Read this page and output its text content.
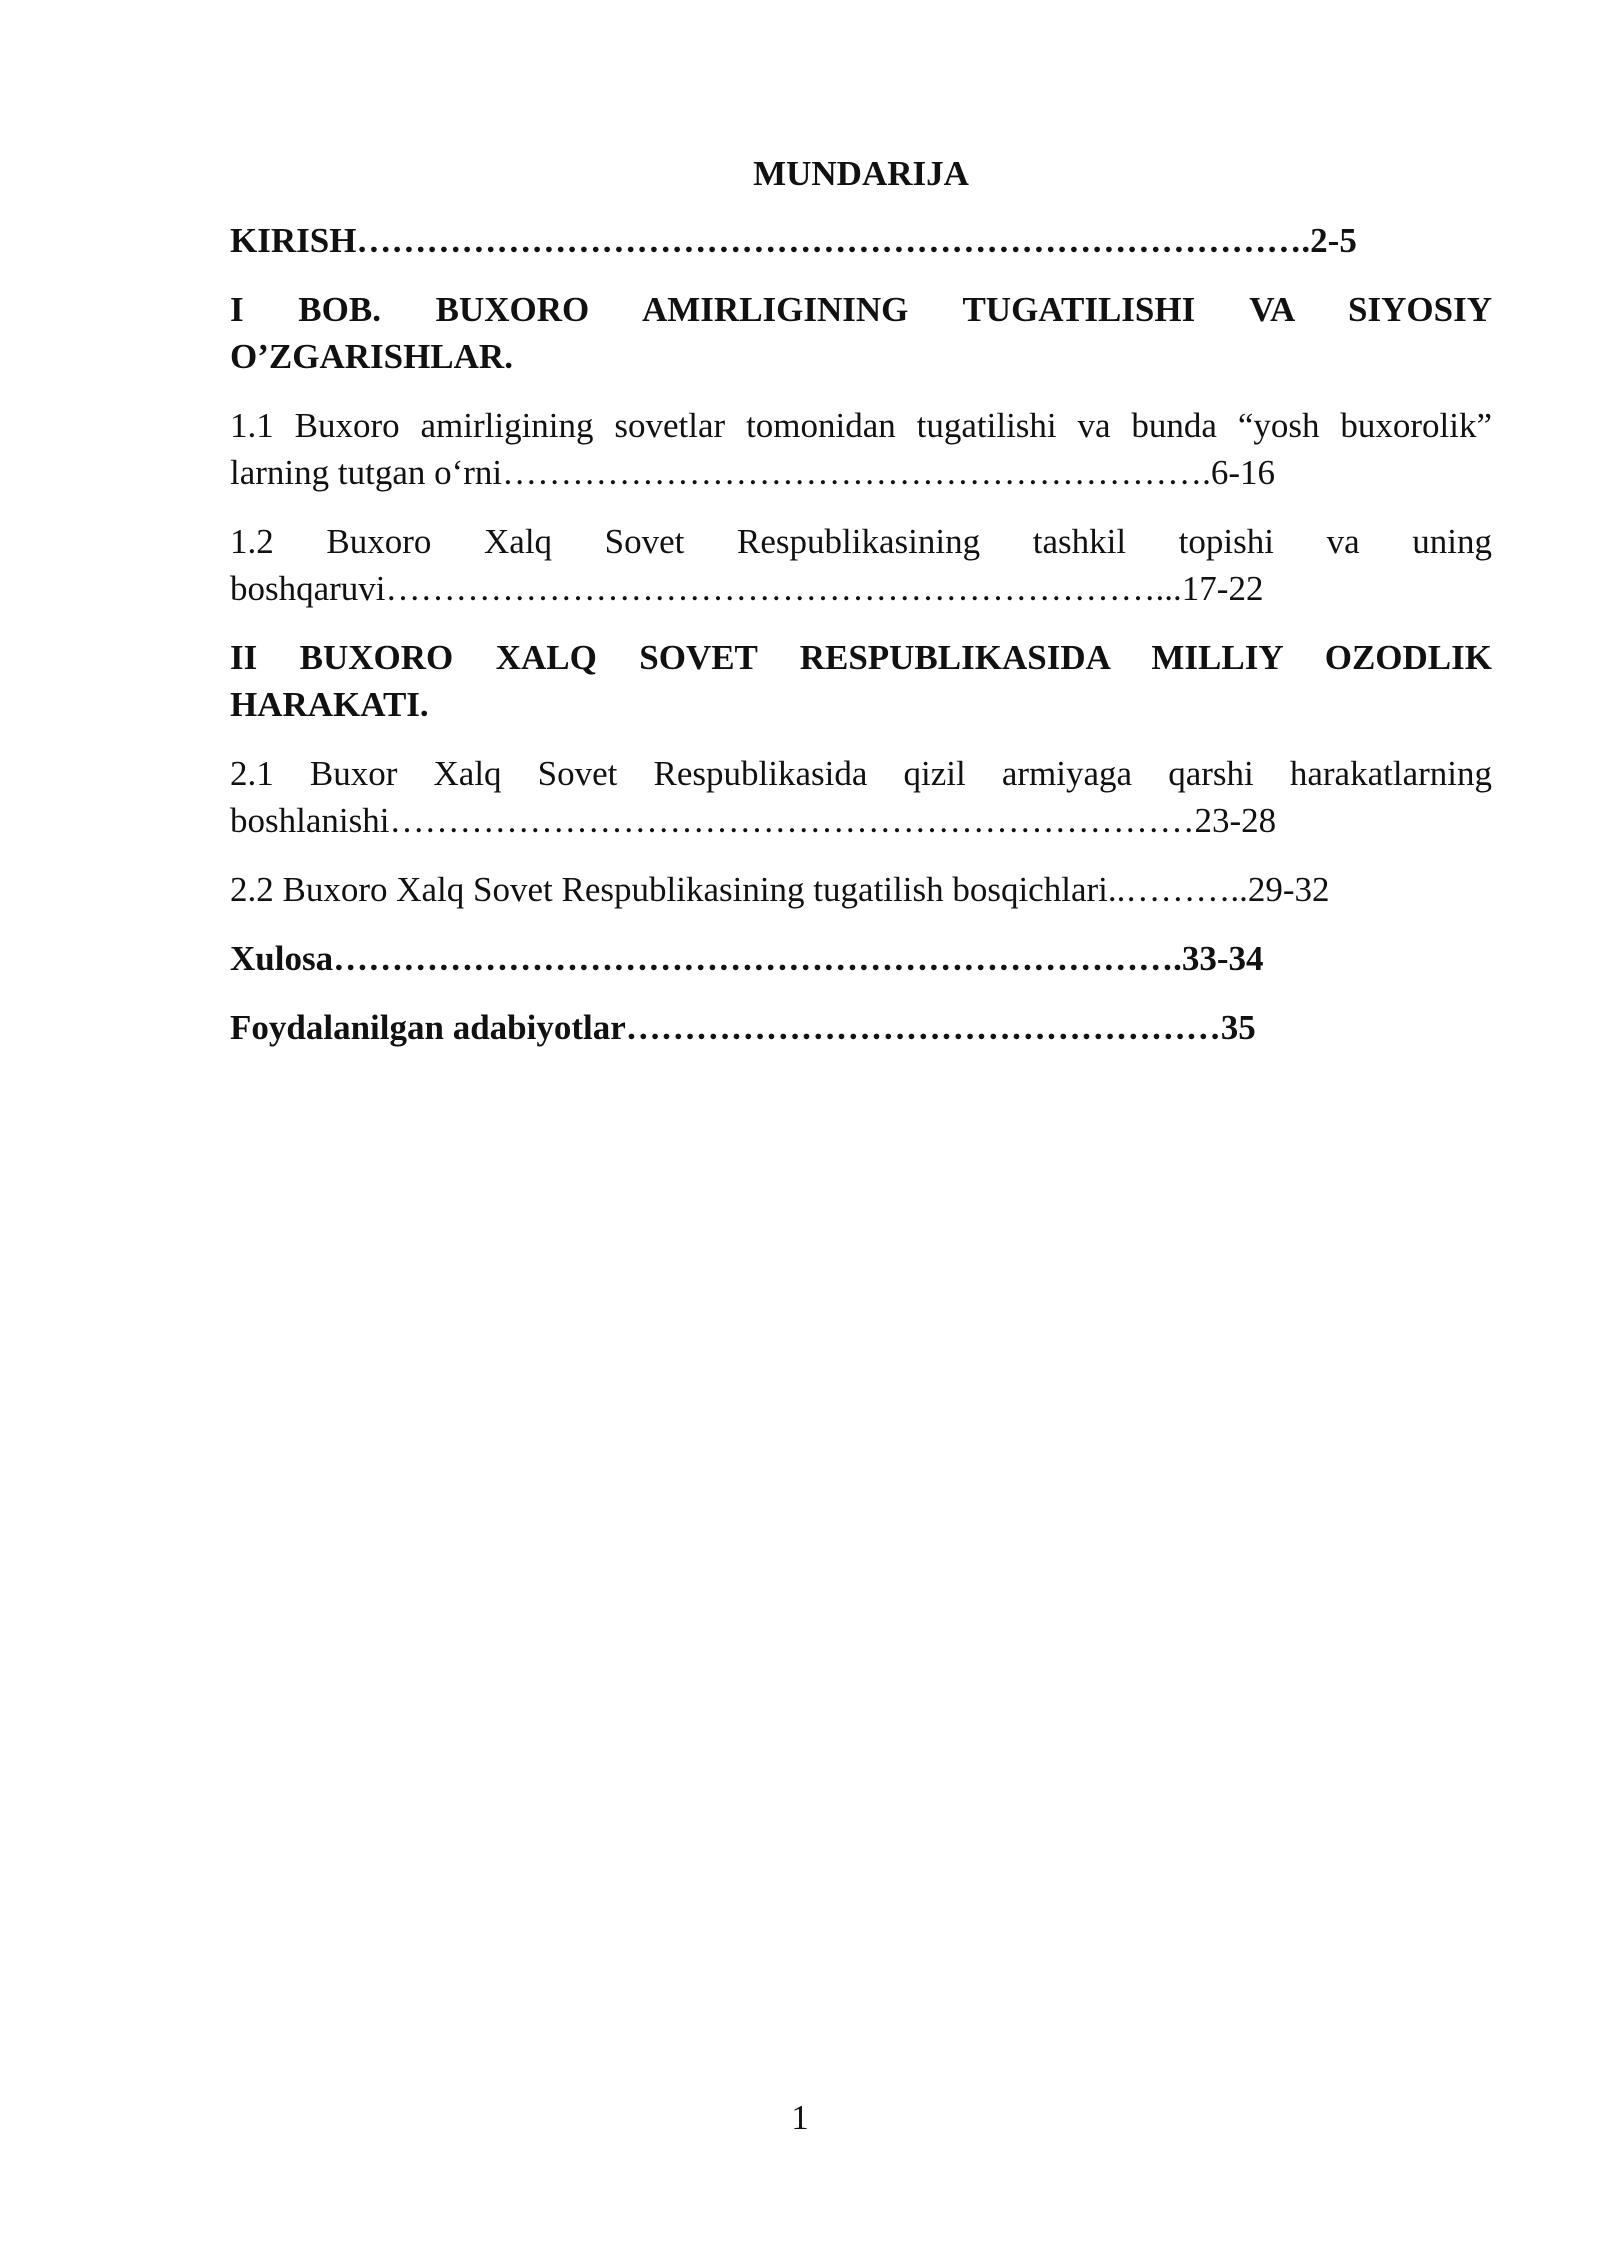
MUNDARIJA
KIRISH……………………………………………………………………….2-5
I BOB. BUXORO AMIRLIGINING TUGATILISHI VA SIYOSIY
O’ZGARISHLAR.
1.1 Buxoro amirligining sovetlar tomonidan tugatilishi va bunda “yosh buxorolik”
larning tutgan o‘rni…………………………………………………….6-16
1.2 Buxoro Xalq Sovet Respublikasining tashkil topishi va uning
boshqaruvi…………………………………………………………...17-22
II BUXORO XALQ SOVET RESPUBLIKASIDA MILLIY OZODLIK
HARAKATI.
2.1 Buxor Xalq Sovet Respublikasida qizil armiyaga qarshi harakatlarning
boshlanishi……………………………………………………………23-28
2.2 Buxoro Xalq Sovet Respublikasining tugatilish bosqichlari..………..29-32
Xulosa……………………………………………………………….33-34
Foydalanilgan adabiyotlar……………………………………………35
1
